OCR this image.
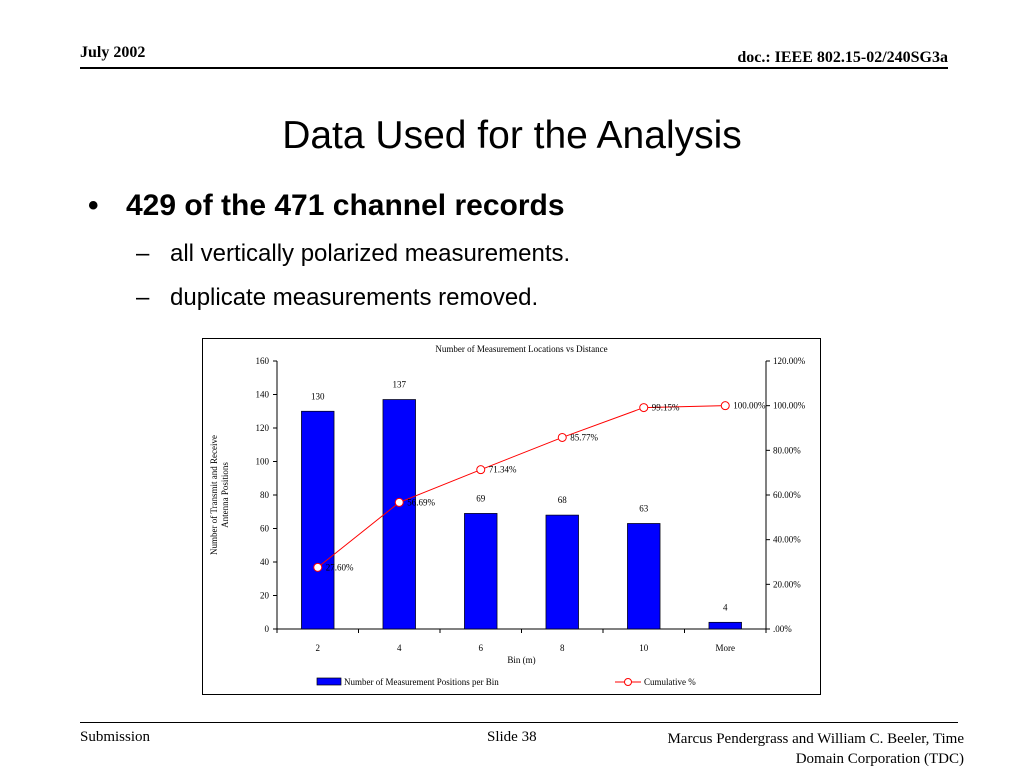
July 2002	doc.: IEEE 802.15-02/240SG3a
Data Used for the Analysis
• 429 of the 471 channel records
– all vertically polarized measurements.
– duplicate measurements removed.
Number of Measurement Locations vs Distance
0
20
40
60
80
100
120
140
160
.00%
20.00%
40.00%
60.00%
80.00%
100.00%
120.00%
2	4	6	8	10	More
Bin (m)
Number of Transmit and Receive Antenna Positions
130
137
69	68
63
4
27.60%
56.69%
71.34%
85.77%
99.15%	100.00%
Number of Measurement Positions per Bin	Cumulative %
Submission	Slide 38	Marcus Pendergrass and William C. Beeler, Time
Domain Corporation (TDC)
